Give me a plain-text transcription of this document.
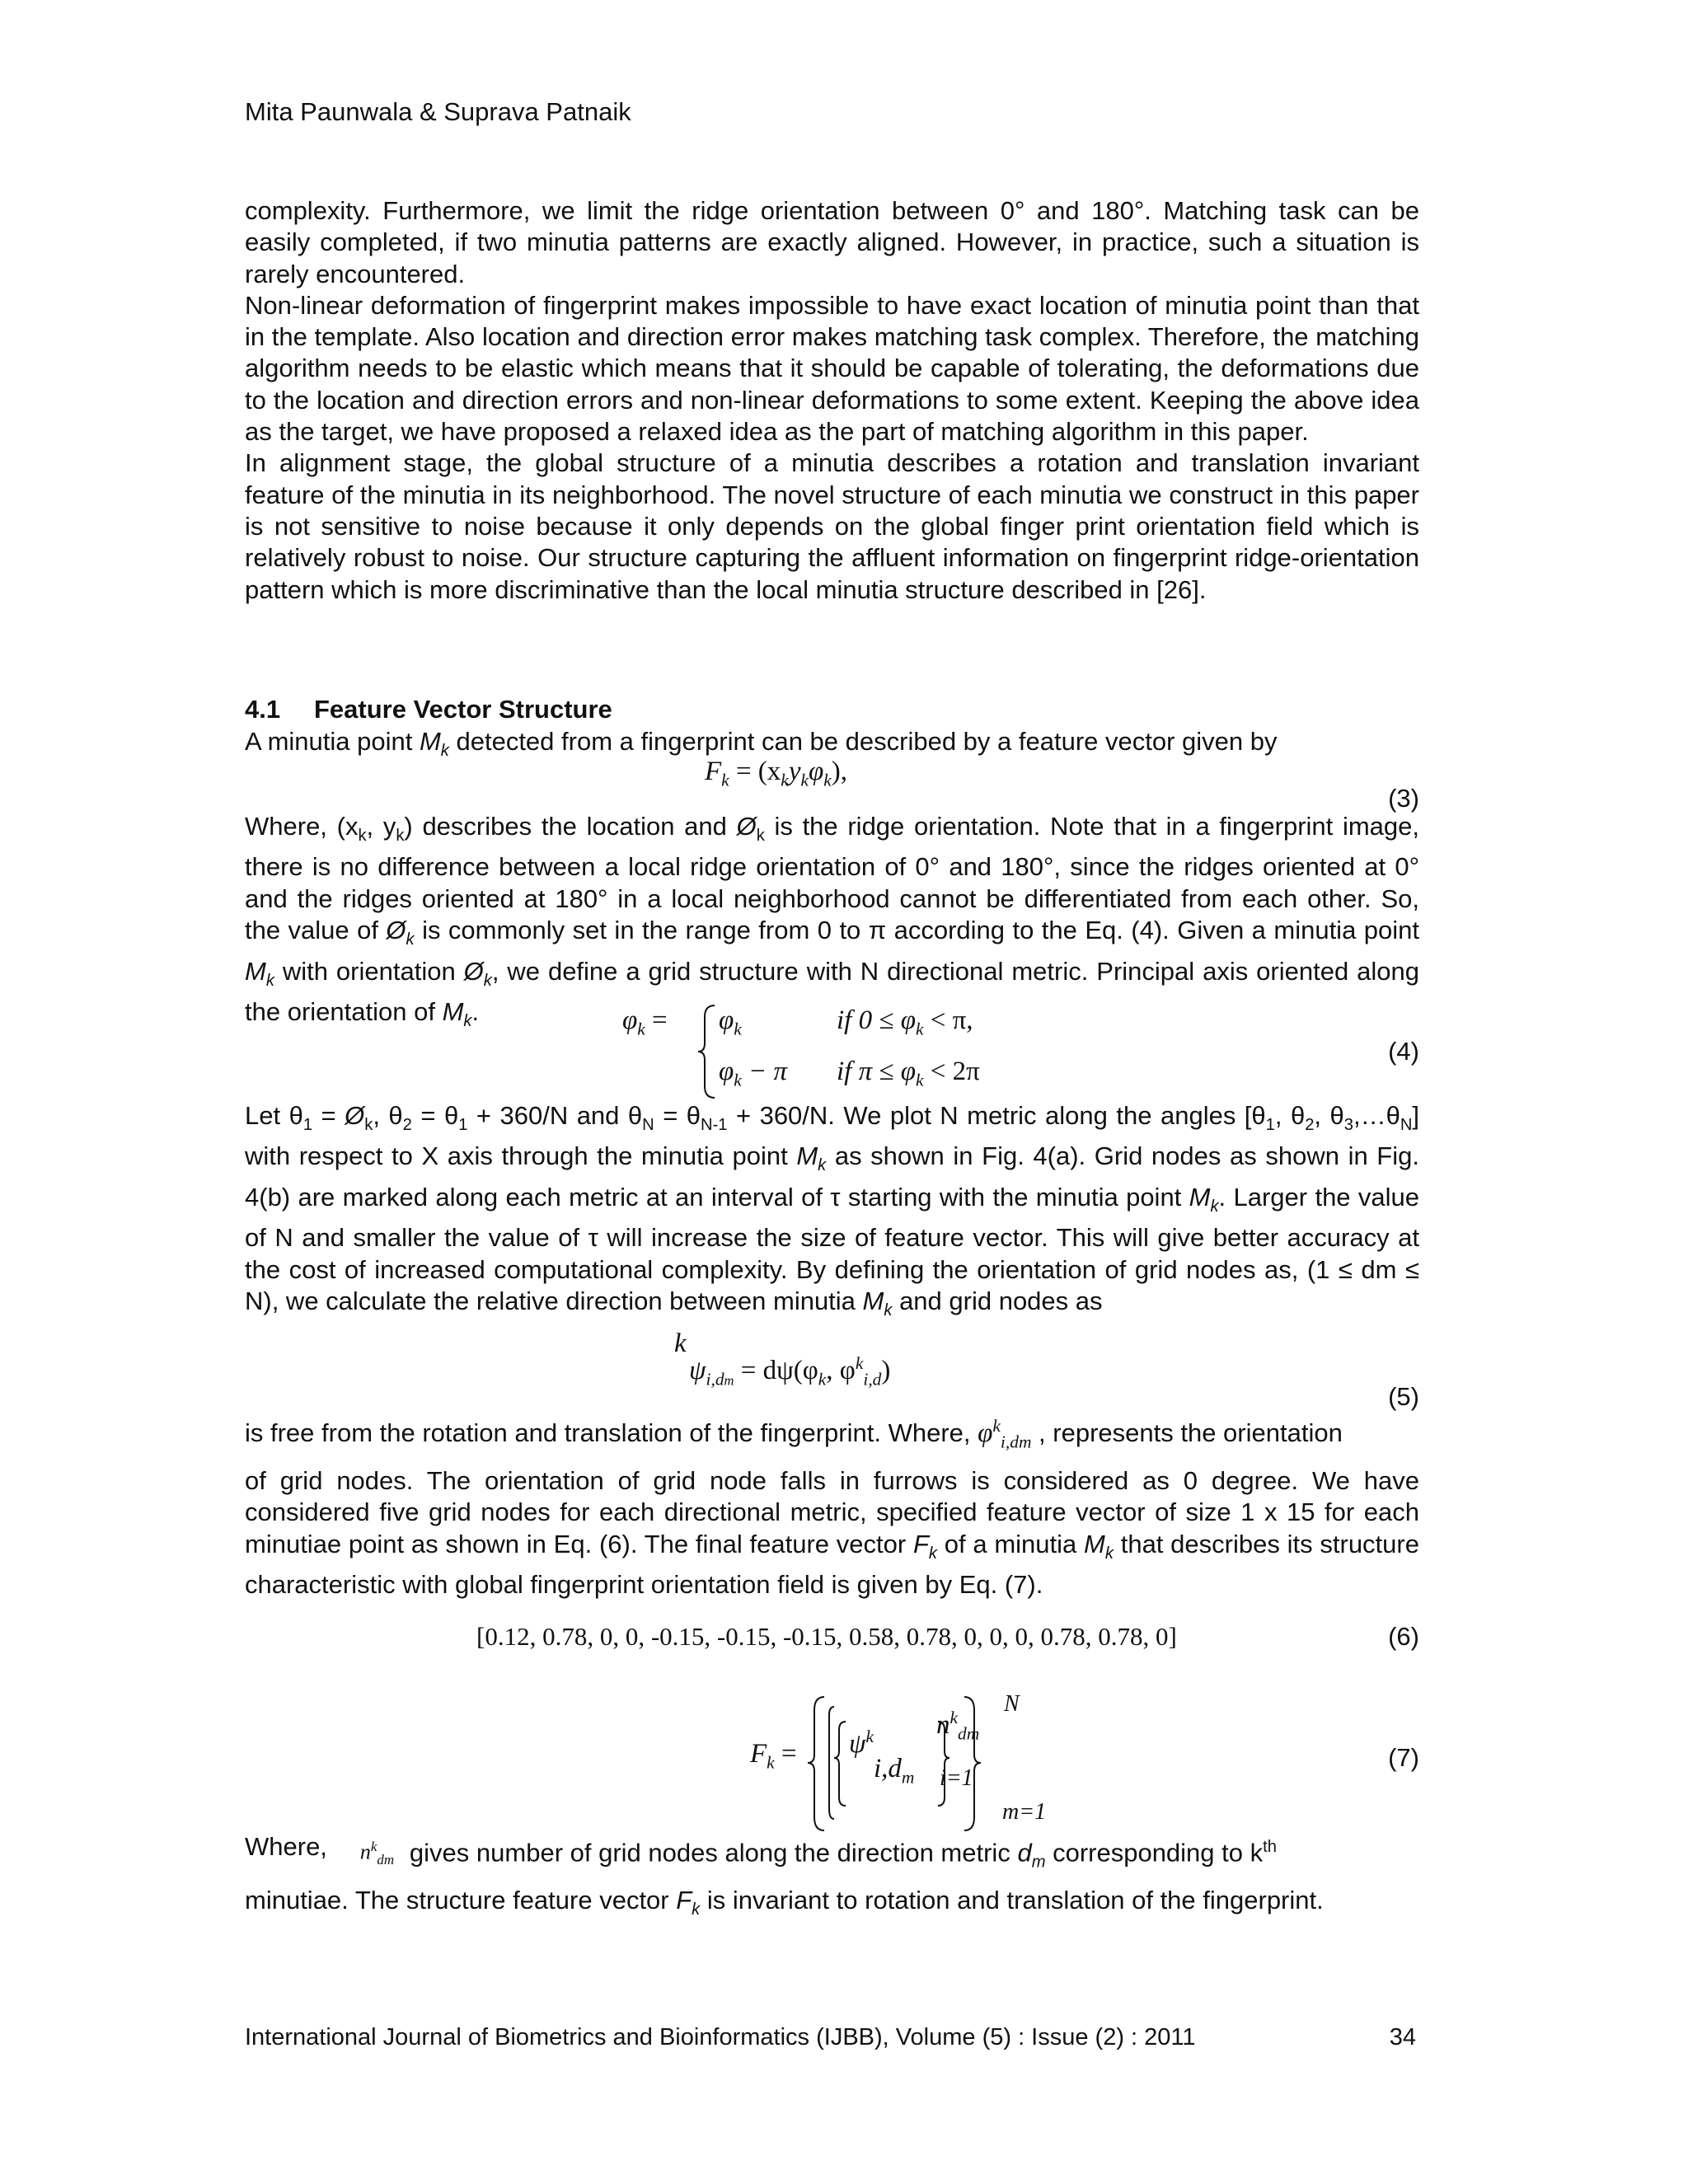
Mita Paunwala & Suprava Patnaik

complexity. Furthermore, we limit the ridge orientation between 0° and 180°. Matching task can be easily completed, if two minutia patterns are exactly aligned. However, in practice, such a situation is rarely encountered.

Non-linear deformation of fingerprint makes impossible to have exact location of minutia point than that in the template. Also location and direction error makes matching task complex. Therefore, the matching algorithm needs to be elastic which means that it should be capable of tolerating, the deformations due to the location and direction errors and non-linear deformations to some extent. Keeping the above idea as the target, we have proposed a relaxed idea as the part of matching algorithm in this paper.

In alignment stage, the global structure of a minutia describes a rotation and translation invariant feature of the minutia in its neighborhood. The novel structure of each minutia we construct in this paper is not sensitive to noise because it only depends on the global finger print orientation field which is relatively robust to noise. Our structure capturing the affluent information on fingerprint ridge-orientation pattern which is more discriminative than the local minutia structure described in [26].

4.1 Feature Vector Structure

A minutia point $M_k$ detected from a fingerprint can be described by a feature vector given by

$F_k = (x_ky_k\varphi_k)$,
(3)

Where, ($x_k$, $y_k$) describes the location and $Ø_k$ is the ridge orientation. Note that in a fingerprint image, there is no difference between a local ridge orientation of 0° and 180°, since the ridges oriented at 0° and the ridges oriented at 180° in a local neighborhood cannot be differentiated from each other. So, the value of $Ø_k$ is commonly set in the range from 0 to π according to the Eq. (4). Given a minutia point $M_k$ with orientation $Ø_k$, we define a grid structure with N directional metric. Principal axis oriented along the orientation of $M_k$.	$\varphi_k = \varphi_k$	if $0 \le \varphi_k < \pi$,
$\varphi_k - \pi$ if $\pi \le \varphi_k < 2\pi$
(4)

Let $\theta_1$ = $Ø_k$, $\theta_2 = \theta_1 + 360/N$ and $\theta_N = \theta_{N-1} + 360/N$. We plot N metric along the angles [$\theta_1$, $\theta_2$, $\theta_3,\dots\theta_N$] with respect to X axis through the minutia point $M_k$ as shown in Fig. 4(a). Grid nodes as shown in Fig. 4(b) are marked along each metric at an interval of τ starting with the minutia point $M_k$. Larger the value of N and smaller the value of τ will increase the size of feature vector. This will give better accuracy at the cost of increased computational complexity. By defining the orientation of grid nodes as, (1 ≤ dm ≤ N), we calculate the relative direction between minutia $M_k$ and grid nodes as

k
$\psi_{i,dm} = d\psi(\varphi_k$, $\varphi^k_{i,d}$)
(5)

is free from the rotation and translation of the fingerprint. Where, $\varphi^k_{i,dm}$ , represents the orientation

of grid nodes. The orientation of grid node falls in furrows is considered as 0 degree. We have considered five grid nodes for each directional metric, specified feature vector of size 1 x 15 for each minutiae point as shown in Eq. (6). The final feature vector $F_k$ of a minutia $M_k$ that describes its structure characteristic with global fingerprint orientation field is given by Eq. (7).

[0.12, 0.78, 0, 0, -0.15, -0.15, -0.15, 0.58, 0.78, 0, 0, 0, 0.78, 0.78, 0]	(6)
$F_k = \psi^k$
$i,d_m$
$n^k_{dm}$
i=1
N
m=1
(7)
Where, $n^k_{dm}$ gives number of grid nodes along the direction metric $d_m$ corresponding to $k^{th}$

minutiae. The structure feature vector $F_k$ is invariant to rotation and translation of the fingerprint.

International Journal of Biometrics and Bioinformatics (IJBB), Volume (5) : Issue (2) : 2011	34
